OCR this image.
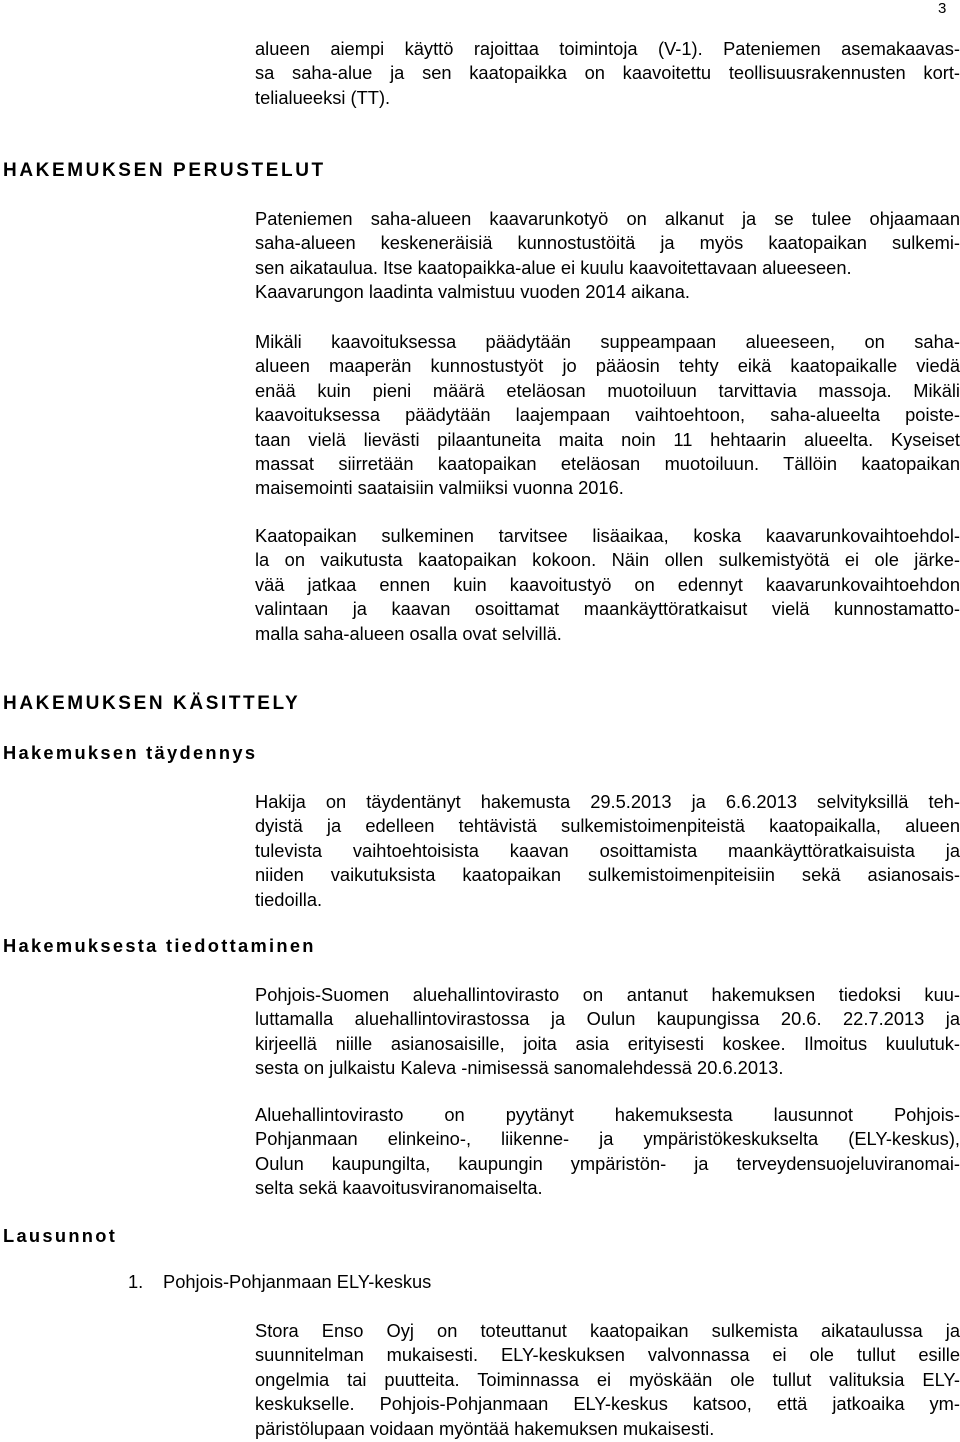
3
alueen aiempi käyttö rajoittaa toimintoja (V-1). Pateniemen asemakaavas-
sa saha-alue ja sen kaatopaikka on kaavoitettu teollisuusrakennusten kort-
telialueeksi (TT).
HAKEMUKSEN PERUSTELUT
Pateniemen saha-alueen kaavarunkotyö on alkanut ja se tulee ohjaamaan
saha-alueen keskeneräisiä kunnostustöitä ja myös kaatopaikan sulkemi-
sen aikataulua. Itse kaatopaikka-alue ei kuulu kaavoitettavaan alueeseen.
Kaavarungon laadinta valmistuu vuoden 2014 aikana.
Mikäli kaavoituksessa päädytään suppeampaan alueeseen, on saha-
alueen maaperän kunnostustyöt jo pääosin tehty eikä kaatopaikalle viedä
enää kuin pieni määrä eteläosan muotoiluun tarvittavia massoja. Mikäli
kaavoituksessa päädytään laajempaan vaihtoehtoon, saha-alueelta poiste-
taan vielä lievästi pilaantuneita maita noin 11 hehtaarin alueelta. Kyseiset
massat siirretään kaatopaikan eteläosan muotoiluun. Tällöin kaatopaikan
maisemointi saataisiin valmiiksi vuonna 2016.
Kaatopaikan sulkeminen tarvitsee lisäaikaa, koska kaavarunkovaihtoehdol-
la on vaikutusta kaatopaikan kokoon. Näin ollen sulkemistyötä ei ole järke-
vää jatkaa ennen kuin kaavoitustyö on edennyt kaavarunkovaihtoehdon
valintaan ja kaavan osoittamat maankäyttöratkaisut vielä kunnostamatto-
malla saha-alueen osalla ovat selvillä.
HAKEMUKSEN KÄSITTELY
Hakemuksen täydennys
Hakija on täydentänyt hakemusta 29.5.2013 ja 6.6.2013 selvityksillä teh-
dyistä ja edelleen tehtävistä sulkemistoimenpiteistä kaatopaikalla, alueen
tulevista vaihtoehtoisista kaavan osoittamista maankäyttöratkaisuista ja
niiden vaikutuksista kaatopaikan sulkemistoimenpiteisiin sekä asianosais-
tiedoilla.
Hakemuksesta tiedottaminen
Pohjois-Suomen aluehallintovirasto on antanut hakemuksen tiedoksi kuu-
luttamalla aluehallintovirastossa ja Oulun kaupungissa 20.6. 22.7.2013 ja
kirjeellä niille asianosaisille, joita asia erityisesti koskee. Ilmoitus kuulutuk-
sesta on julkaistu Kaleva -nimisessä sanomalehdessä 20.6.2013.
Aluehallintovirasto on pyytänyt hakemuksesta lausunnot Pohjois-
Pohjanmaan elinkeino-, liikenne- ja ympäristökeskukselta (ELY-keskus),
Oulun kaupungilta, kaupungin ympäristön- ja terveydensuojeluviranomai-
selta sekä kaavoitusviranomaiselta.
Lausunnot
1. Pohjois-Pohjanmaan ELY-keskus
Stora Enso Oyj on toteuttanut kaatopaikan sulkemista aikataulussa ja
suunnitelman mukaisesti. ELY-keskuksen valvonnassa ei ole tullut esille
ongelmia tai puutteita. Toiminnassa ei myöskään ole tullut valituksia ELY-
keskukselle. Pohjois-Pohjanmaan ELY-keskus katsoo, että jatkoaika ym-
päristölupaan voidaan myöntää hakemuksen mukaisesti.
